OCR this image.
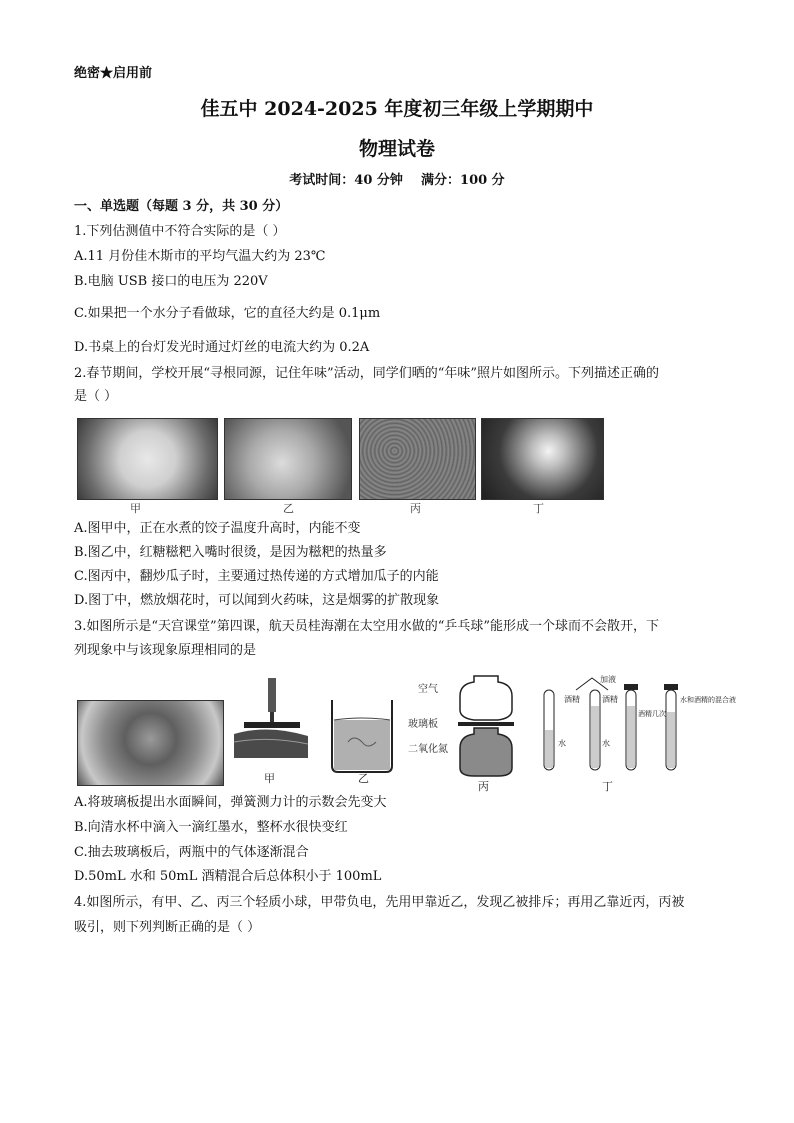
绝密★启用前
佳五中 2024-2025 年度初三年级上学期期中
物理试卷
考试时间：40 分钟    满分：100 分
一、单选题（每题 3 分，共 30 分）
1.下列估测值中不符合实际的是（ ）
A.11 月份佳木斯市的平均气温大约为 23℃
B.电脑 USB 接口的电压为 220V
C.如果把一个水分子看做球，它的直径大约是 0.1μm
D.书桌上的台灯发光时通过灯丝的电流大约为 0.2A
2.春节期间，学校开展“寻根同源，记住年味”活动，同学们晒的“年味”照片如图所示。下列描述正确的
是（ ）
甲	乙	丙	丁
A.图甲中，正在水煮的饺子温度升高时，内能不变
B.图乙中，红糖糍粑入嘴时很烫，是因为糍粑的热量多
C.图丙中，翻炒瓜子时，主要通过热传递的方式增加瓜子的内能
D.图丁中，燃放烟花时，可以闻到火药味，这是烟雾的扩散现象
3.如图所示是“天宫课堂”第四课，航天员桂海潮在太空用水做的“乒乓球”能形成一个球而不会散开，下
列现象中与该现象原理相同的是
甲	乙
空气
玻璃板
二氧化氮
丙
加液
酒精	酒精
水	水
酒精几次
水和酒精的混合液
丁
A.将玻璃板提出水面瞬间，弹簧测力计的示数会先变大
B.向清水杯中滴入一滴红墨水，整杯水很快变红
C.抽去玻璃板后，两瓶中的气体逐渐混合
D.50mL 水和 50mL 酒精混合后总体积小于 100mL
4.如图所示，有甲、乙、丙三个轻质小球，甲带负电，先用甲靠近乙，发现乙被排斥；再用乙靠近丙，丙被
吸引，则下列判断正确的是（ ）
